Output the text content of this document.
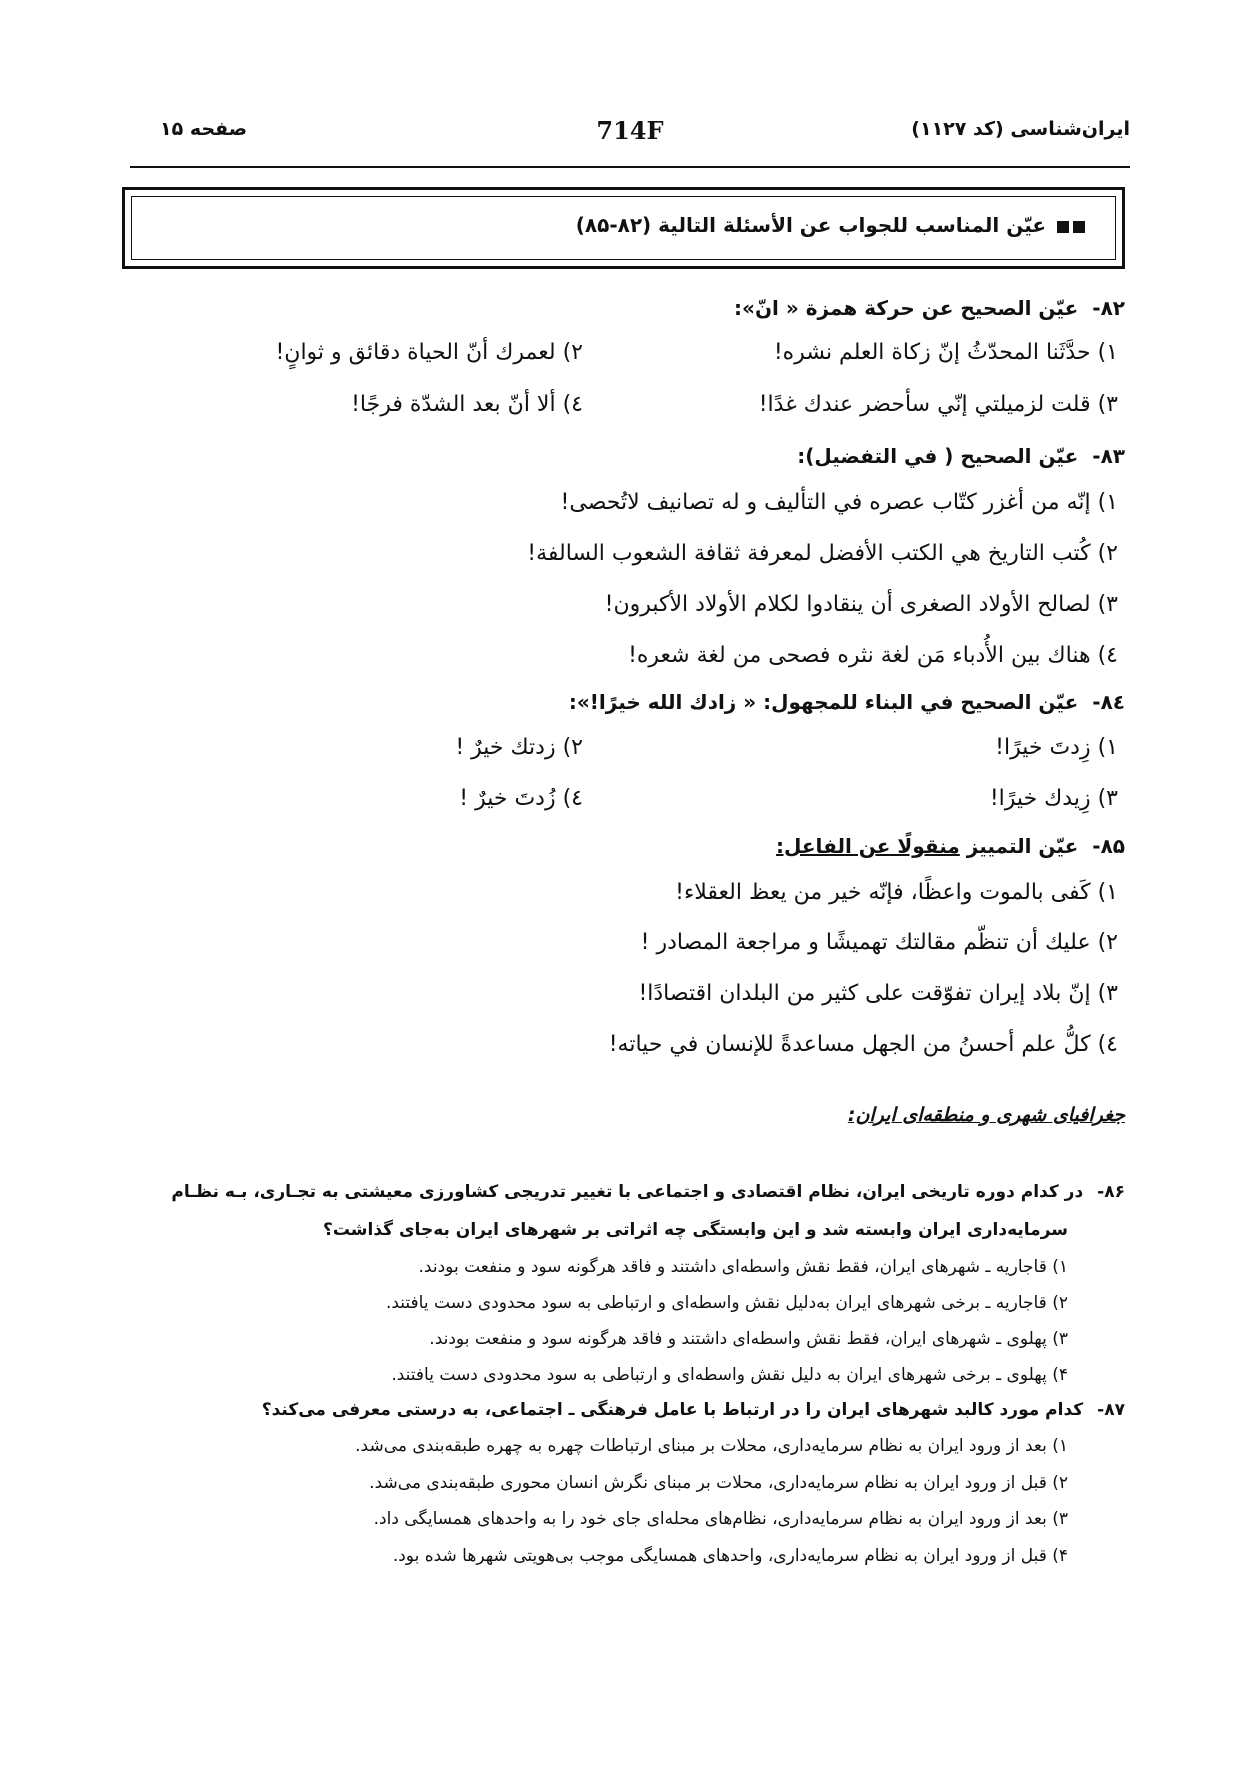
ایران‌شناسی (کد ۱۱۲۷)
714F
صفحه ۱۵
عیّن المناسب للجواب عن الأسئلة التالیة (۸۲-۸۵)
۸۲-عیّن الصحیح عن حرکة همزة « انّ»:
۱) حدَّثَنا المحدّثُ إنّ زكاة العلم نشره!
۲) لعمرك أنّ الحياة دقائق و ثوانٍ!
۳) قلت لزميلتي إنّي سأحضر عندك غدًا!
٤) ألا أنّ بعد الشدّة فرجًا!
۸۳-عیّن الصحیح ( في التفضیل):
۱) إنّه من أغزر كتّاب عصره في التأليف و له تصانيف لاتُحصى!
۲) كُتب التاريخ هي الكتب الأفضل لمعرفة ثقافة الشعوب السالفة!
۳) لصالح الأولاد الصغرى أن ينقادوا لكلام الأولاد الأكبرون!
٤) هناك بين الأُدباء مَن لغة نثره فصحى من لغة شعره!
۸٤-عیّن الصحیح في البناء للمجهول: « زادك الله خيرًا!»:
۱) زِدتَ خيرًا!
۲) زدتك خيرٌ !
۳) زِيدك خيرًا!
٤) زُدتَ خيرٌ !
۸۵-عیّن التمییز منقولًا عن الفاعل:
۱) كَفى بالموت واعظًا، فإنّه خير من يعظ العقلاء!
۲) عليك أن تنظّم مقالتك تهميشًا و مراجعة المصادر !
۳) إنّ بلاد إيران تفوّقت على كثير من البلدان اقتصادًا!
٤) كلُّ علم أحسنُ من الجهل مساعدةً للإنسان في حياته!
جغرافیای شهری و منطقه‌ای ایران:
۸۶-در کدام دوره تاریخی ایران، نظام اقتصادی و اجتماعی با تغییر تدریجی کشاورزی معیشتی به تجـاری، بـه نظـام
سرمایه‌داری ایران وابسته شد و این وابستگی چه اثراتی بر شهرهای ایران به‌جای گذاشت؟
۱) قاجاریه ـ شهرهای ایران، فقط نقش واسطه‌ای داشتند و فاقد هرگونه سود و منفعت بودند.
۲) قاجاریه ـ برخی شهرهای ایران به‌دلیل نقش واسطه‌ای و ارتباطی به سود محدودی دست یافتند.
۳) پهلوی ـ شهرهای ایران، فقط نقش واسطه‌ای داشتند و فاقد هرگونه سود و منفعت بودند.
۴) پهلوی ـ برخی شهرهای ایران به دلیل نقش واسطه‌ای و ارتباطی به سود محدودی دست یافتند.
۸۷-کدام مورد کالبد شهرهای ایران را در ارتباط با عامل فرهنگی ـ اجتماعی، به درستی معرفی می‌کند؟
۱) بعد از ورود ایران به نظام سرمایه‌داری، محلات بر مبنای ارتباطات چهره به چهره طبقه‌بندی می‌شد.
۲) قبل از ورود ایران به نظام سرمایه‌داری، محلات بر مبنای نگرش انسان محوری طبقه‌بندی می‌شد.
۳) بعد از ورود ایران به نظام سرمایه‌داری، نظام‌های محله‌ای جای خود را به واحدهای همسایگی داد.
۴) قبل از ورود ایران به نظام سرمایه‌داری، واحدهای همسایگی موجب بی‌هویتی شهرها شده بود.
